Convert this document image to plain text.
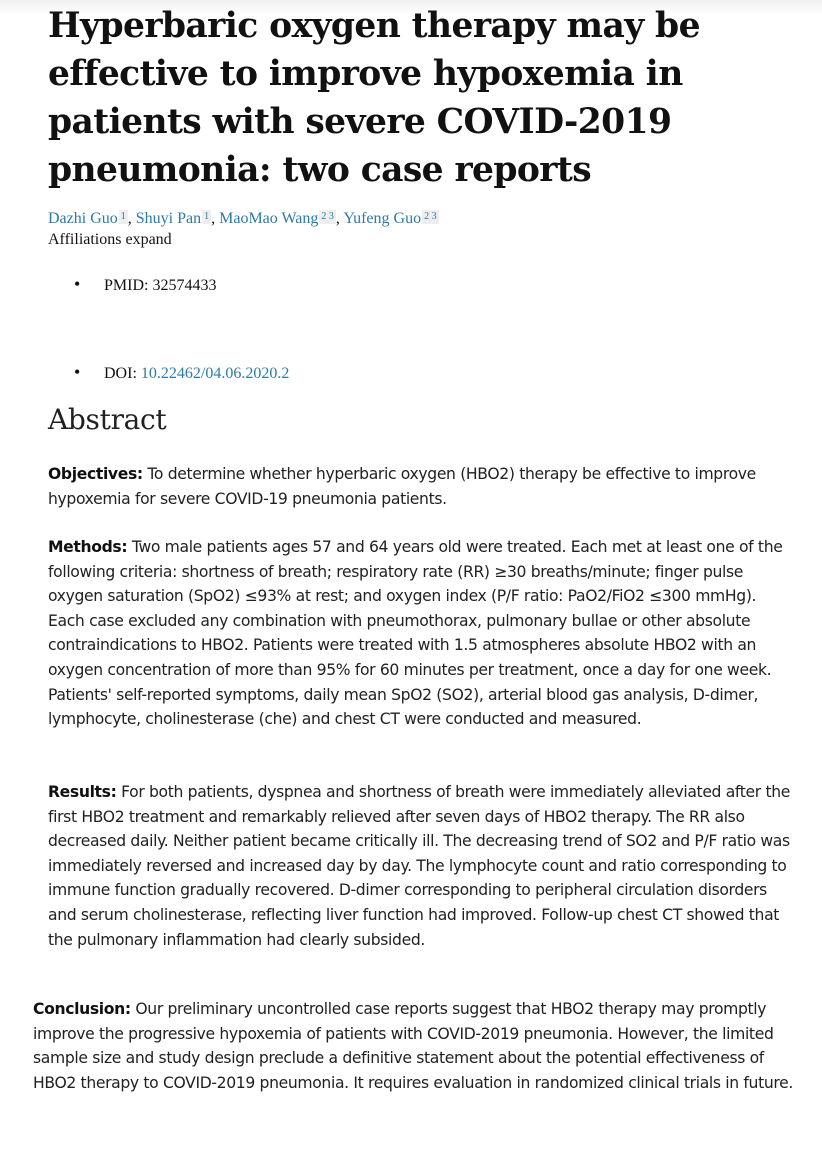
Hyperbaric oxygen therapy may be effective to improve hypoxemia in patients with severe COVID-2019 pneumonia: two case reports
Dazhi Guo 1 , Shuyi Pan 1 , MaoMao Wang 2 3 , Yufeng Guo 2 3
Affiliations expand
• PMID: 32574433
• DOI: 10.22462/04.06.2020.2
Abstract

Objectives: To determine whether hyperbaric oxygen (HBO2) therapy be effective to improve hypoxemia for severe COVID-19 pneumonia patients.

Methods: Two male patients ages 57 and 64 years old were treated. Each met at least one of the following criteria: shortness of breath; respiratory rate (RR) ≥30 breaths/minute; finger pulse oxygen saturation (SpO2) ≤93% at rest; and oxygen index (P/F ratio: PaO2/FiO2 ≤300 mmHg). Each case excluded any combination with pneumothorax, pulmonary bullae or other absolute contraindications to HBO2. Patients were treated with 1.5 atmospheres absolute HBO2 with an oxygen concentration of more than 95% for 60 minutes per treatment, once a day for one week. Patients' self-reported symptoms, daily mean SpO2 (SO2), arterial blood gas analysis, D-dimer, lymphocyte, cholinesterase (che) and chest CT were conducted and measured.

Results: For both patients, dyspnea and shortness of breath were immediately alleviated after the first HBO2 treatment and remarkably relieved after seven days of HBO2 therapy. The RR also decreased daily. Neither patient became critically ill. The decreasing trend of SO2 and P/F ratio was immediately reversed and increased day by day. The lymphocyte count and ratio corresponding to immune function gradually recovered. D-dimer corresponding to peripheral circulation disorders and serum cholinesterase, reflecting liver function had improved. Follow-up chest CT showed that the pulmonary inflammation had clearly subsided.

Conclusion: Our preliminary uncontrolled case reports suggest that HBO2 therapy may promptly improve the progressive hypoxemia of patients with COVID-2019 pneumonia. However, the limited sample size and study design preclude a definitive statement about the potential effectiveness of HBO2 therapy to COVID-2019 pneumonia. It requires evaluation in randomized clinical trials in future.
